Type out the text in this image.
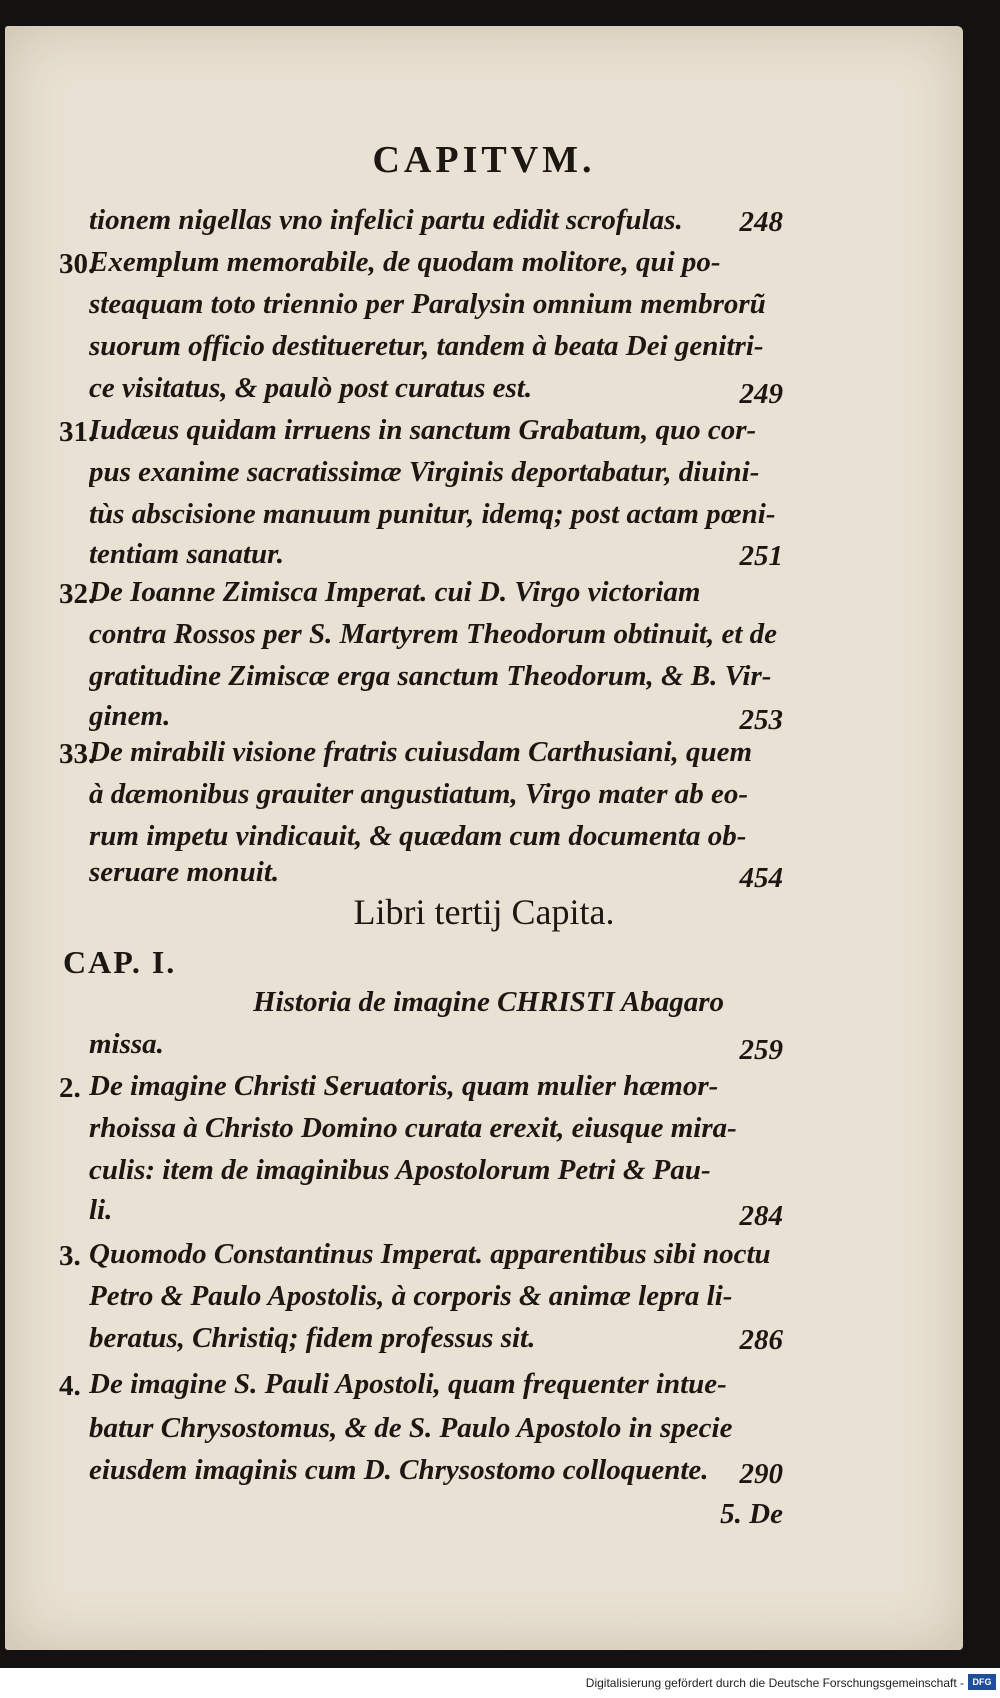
CAPITVM.

tionem nigellas vno infelici partu edidit scrofulas.	248
30.

Exemplum memorabile, de quodam molitore, qui po-

steaquam toto triennio per Paralysin omnium membrorũ

suorum officio destitueretur, tandem à beata Dei genitri-

ce visitatus, & paulò post curatus est.	249
31.

Iudæus quidam irruens in sanctum Grabatum, quo cor-

pus exanime sacratissimæ Virginis deportabatur, diuini-

tùs abscisione manuum punitur, idemq; post actam pœni-

tentiam sanatur.	251
32.

De Ioanne Zimisca Imperat. cui D. Virgo victoriam

contra Rossos per S. Martyrem Theodorum obtinuit, et de

gratitudine Zimiscæ erga sanctum Theodorum, & B. Vir-

ginem.	253
33.

De mirabili visione fratris cuiusdam Carthusiani, quem

à dæmonibus grauiter angustiatum, Virgo mater ab eo-

rum impetu vindicauit, & quædam cum documenta ob-

seruare monuit.	454
Libri tertij Capita.
CAP. I.

Historia de imagine CHRISTI Abagaro

missa.	259
2. De imagine Christi Seruatoris, quam mulier hæmor-

rhoissa à Christo Domino curata erexit, eiusque mira-

culis: item de imaginibus Apostolorum Petri & Pau-

li.	284
3. Quomodo Constantinus Imperat. apparentibus sibi noctu

Petro & Paulo Apostolis, à corporis & animæ lepra li-

beratus, Christiq; fidem professus sit.	286
4. De imagine S. Pauli Apostoli, quam frequenter intue-

batur Chrysostomus, & de S. Paulo Apostolo in specie

eiusdem imaginis cum D. Chrysostomo colloquente.	290
5. De
Digitalisierung gefördert durch die Deutsche Forschungsgemeinschaft - DFG
